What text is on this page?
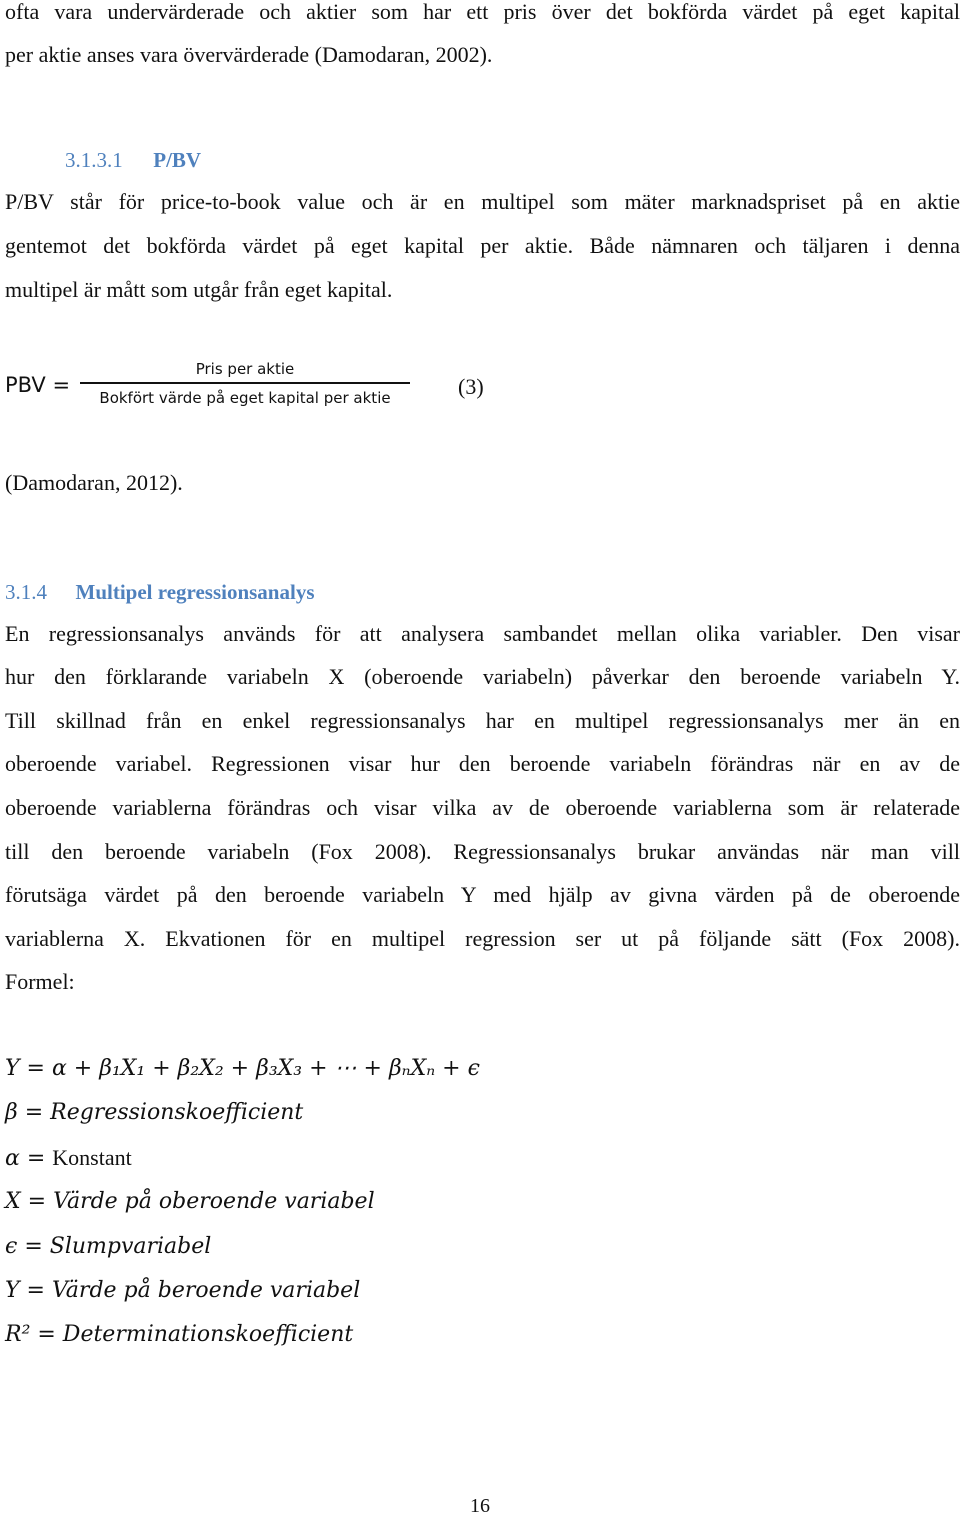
ofta vara undervärderade och aktier som har ett pris över det bokförda värdet på eget kapital
per aktie anses vara övervärderade (Damodaran, 2002).
3.1.3.1 P/BV
P/BV står för price-to-book value och är en multipel som mäter marknadspriset på en aktie
gentemot det bokförda värdet på eget kapital per aktie. Både nämnaren och täljaren i denna
multipel är mått som utgår från eget kapital.
PBV =
Pris per aktie
Bokfört värde på eget kapital per aktie	(3)
(Damodaran, 2012).
3.1.4 Multipel regressionsanalys
En regressionsanalys används för att analysera sambandet mellan olika variabler. Den visar
hur den förklarande variabeln X (oberoende variabeln) påverkar den beroende variabeln Y.
Till skillnad från en enkel regressionsanalys har en multipel regressionsanalys mer än en
oberoende variabel. Regressionen visar hur den beroende variabeln förändras när en av de
oberoende variablerna förändras och visar vilka av de oberoende variablerna som är relaterade
till den beroende variabeln (Fox 2008). Regressionsanalys brukar användas när man vill
förutsäga värdet på den beroende variabeln Y med hjälp av givna värden på de oberoende
variablerna X. Ekvationen för en multipel regression ser ut på följande sätt (Fox 2008).
Formel:
Y = α + β₁X₁ + β₂X₂ + β₃X₃ + ⋯ + βₙXₙ + ϵ
β = Regressionskoefficient
α = Konstant
X = Värde på oberoende variabel
ϵ = Slumpvariabel
Y = Värde på beroende variabel
R² = Determinationskoefficient
16
